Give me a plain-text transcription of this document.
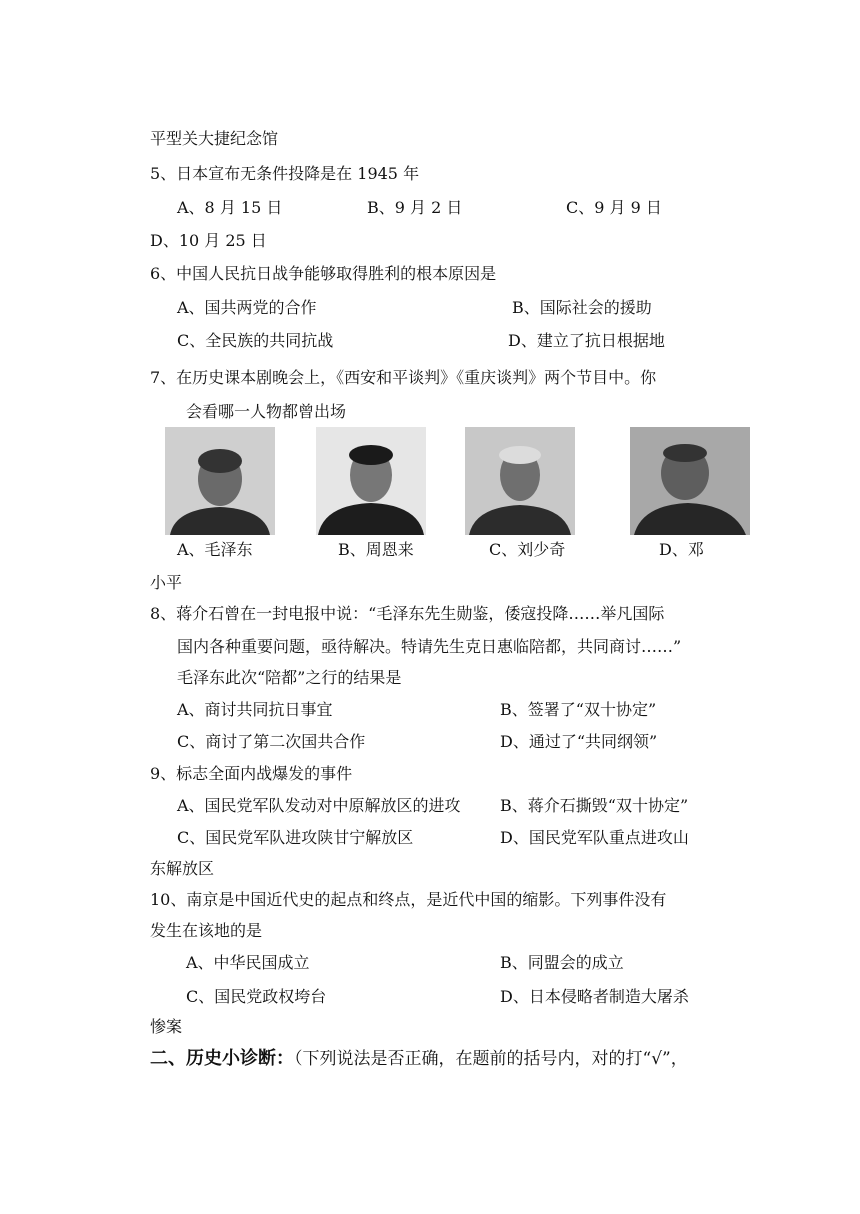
平型关大捷纪念馆
5、日本宣布无条件投降是在 1945 年
A、8 月 15 日	B、9 月 2 日	C、9 月 9 日
D、10 月 25 日
6、中国人民抗日战争能够取得胜利的根本原因是
A、国共两党的合作	B、国际社会的援助
C、全民族的共同抗战	D、建立了抗日根据地
7、在历史课本剧晚会上，《西安和平谈判》《重庆谈判》两个节目中。你
会看哪一人物都曾出场
A、毛泽东	B、周恩来	C、刘少奇	D、邓
小平
8、蒋介石曾在一封电报中说：“毛泽东先生勋鉴，倭寇投降……举凡国际
国内各种重要问题，亟待解决。特请先生克日惠临陪都，共同商讨……”
毛泽东此次“陪都”之行的结果是
A、商讨共同抗日事宜	B、签署了“双十协定”
C、商讨了第二次国共合作	D、通过了“共同纲领”
9、标志全面内战爆发的事件
A、国民党军队发动对中原解放区的进攻 B、蒋介石撕毁“双十协定”
C、国民党军队进攻陕甘宁解放区	D、国民党军队重点进攻山
东解放区
10、南京是中国近代史的起点和终点，是近代中国的缩影。下列事件没有
发生在该地的是
A、中华民国成立	B、同盟会的成立
C、国民党政权垮台	D、日本侵略者制造大屠杀
惨案
二、历史小诊断：（下列说法是否正确，在题前的括号内，对的打“√”，
